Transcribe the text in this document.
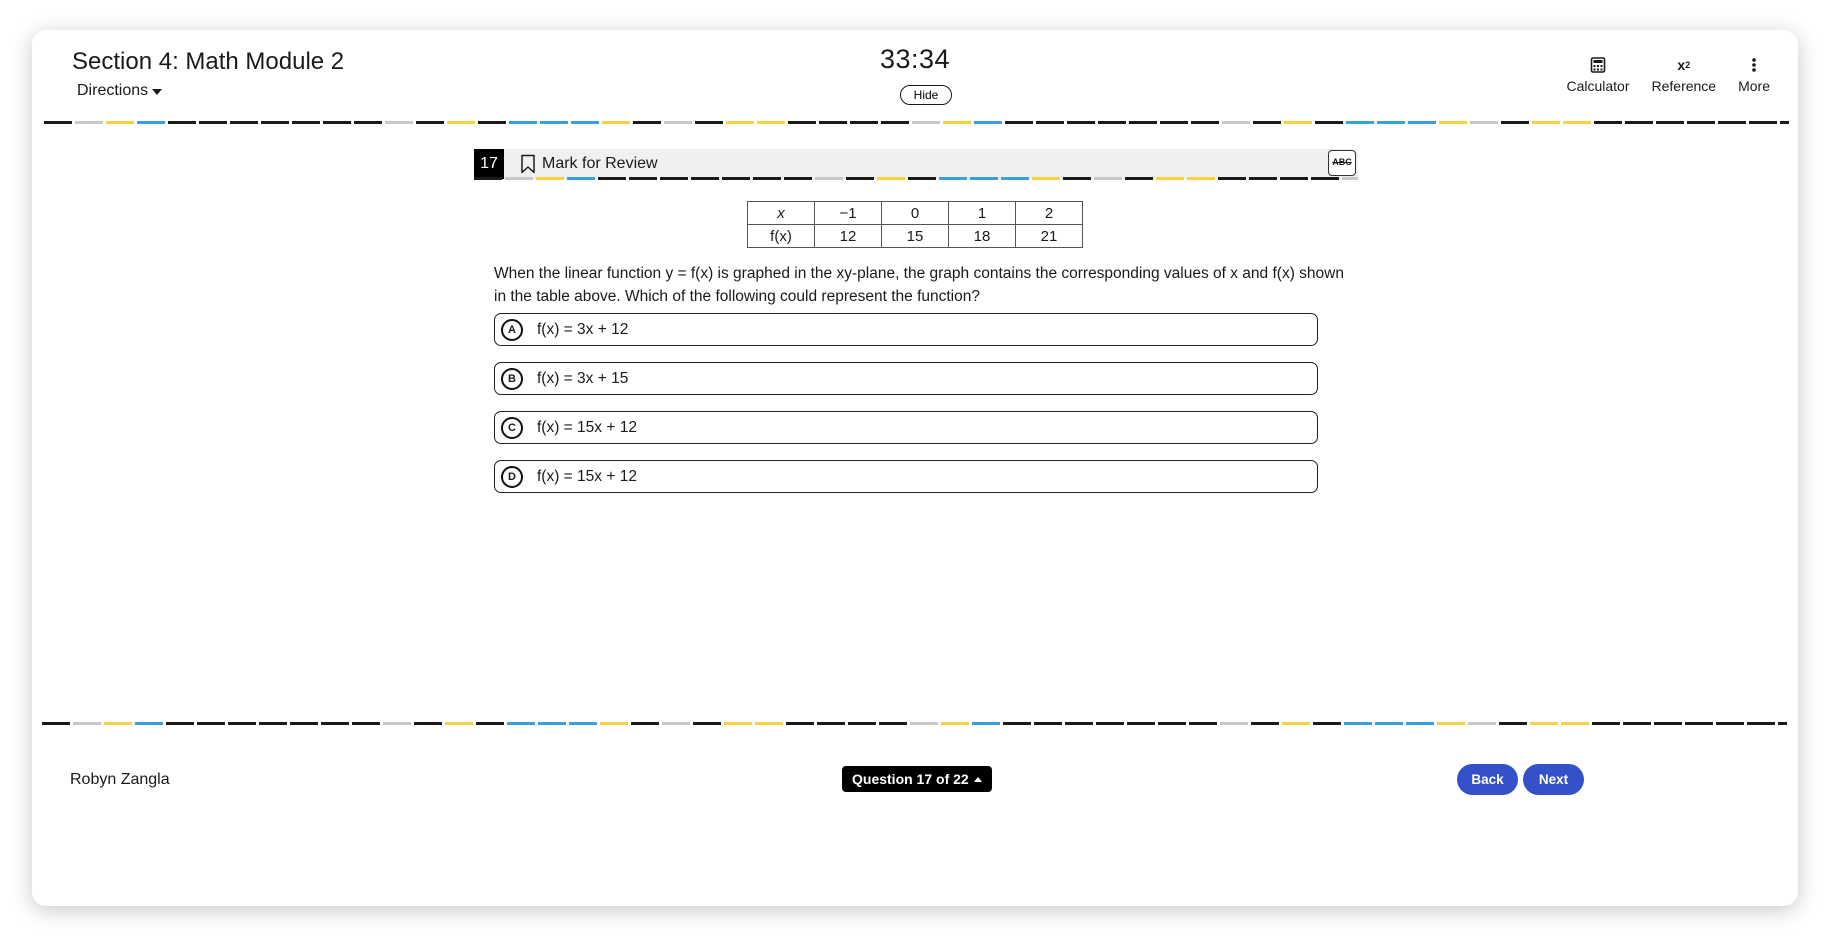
Section 4: Math Module 2
Directions
33:34
Hide
Calculator
x 2
Reference More
17	Mark for Review	ABC
x	−1	0	1	2
f(x)	12	15	18	21

When the linear function y = f(x) is graphed in the xy-plane, the graph contains the corresponding values of x and f(x) shown in the table above. Which of the following could represent the function?

A	f(x) = 3x + 12
B	f(x) = 3x + 15
C	f(x) = 15x + 12
D	f(x) = 15x + 12
Robyn Zangla	Question 17 of 22	Back	Next
